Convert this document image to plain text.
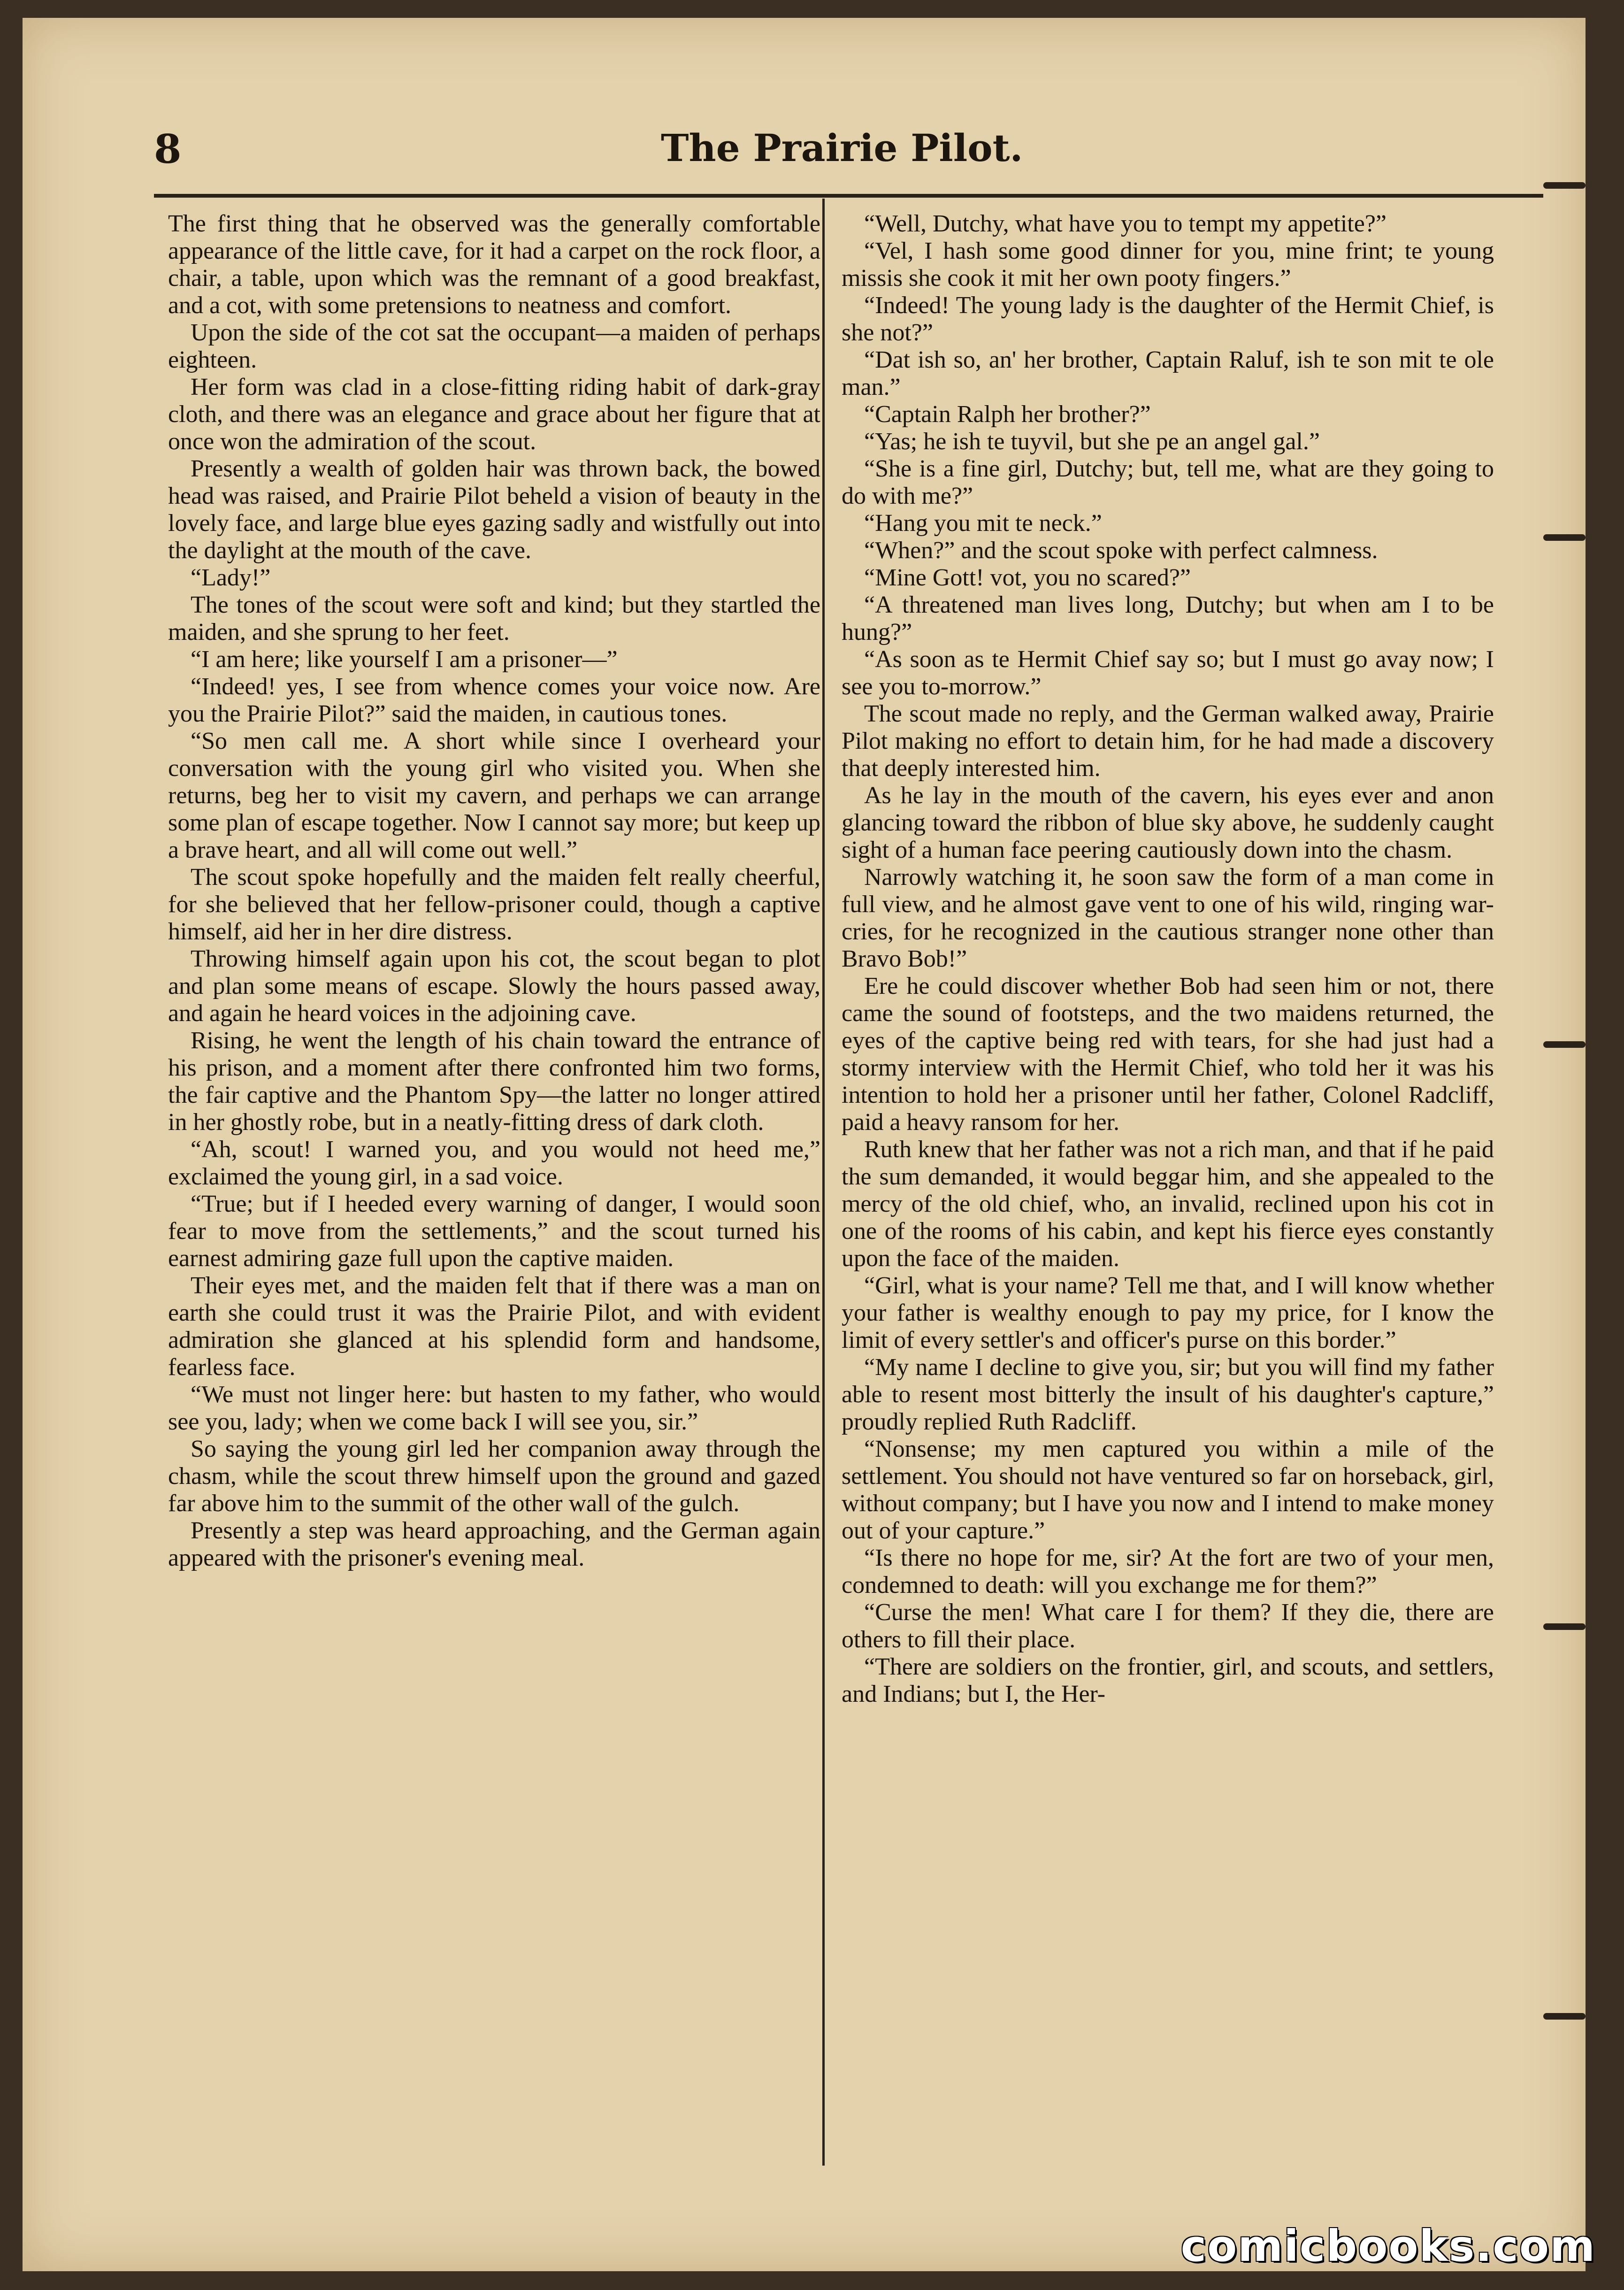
8	The Prairie Pilot.

The first thing that he observed was the generally comfortable appearance of the little cave, for it had a carpet on the rock floor, a chair, a table, upon which was the remnant of a good breakfast, and a cot, with some pretensions to neatness and comfort.

Upon the side of the cot sat the occupant—a maiden of perhaps eighteen.

Her form was clad in a close-fitting riding habit of dark-gray cloth, and there was an elegance and grace about her figure that at once won the admiration of the scout.

Presently a wealth of golden hair was thrown back, the bowed head was raised, and Prairie Pilot beheld a vision of beauty in the lovely face, and large blue eyes gazing sadly and wistfully out into the daylight at the mouth of the cave.

“Lady!”

The tones of the scout were soft and kind; but they startled the maiden, and she sprung to her feet.

“I am here; like yourself I am a prisoner—”

“Indeed! yes, I see from whence comes your voice now. Are you the Prairie Pilot?” said the maiden, in cautious tones.

“So men call me. A short while since I overheard your conversation with the young girl who visited you. When she returns, beg her to visit my cavern, and perhaps we can arrange some plan of escape together. Now I cannot say more; but keep up a brave heart, and all will come out well.”

The scout spoke hopefully and the maiden felt really cheerful, for she believed that her fellow-prisoner could, though a captive himself, aid her in her dire distress.

Throwing himself again upon his cot, the scout began to plot and plan some means of escape. Slowly the hours passed away, and again he heard voices in the adjoining cave.

Rising, he went the length of his chain toward the entrance of his prison, and a moment after there confronted him two forms, the fair captive and the Phantom Spy—the latter no longer attired in her ghostly robe, but in a neatly-fitting dress of dark cloth.

“Ah, scout! I warned you, and you would not heed me,” exclaimed the young girl, in a sad voice.

“True; but if I heeded every warning of danger, I would soon fear to move from the settlements,” and the scout turned his earnest admiring gaze full upon the captive maiden.

Their eyes met, and the maiden felt that if there was a man on earth she could trust it was the Prairie Pilot, and with evident admiration she glanced at his splendid form and handsome, fearless face.

“We must not linger here: but hasten to my father, who would see you, lady; when we come back I will see you, sir.”

So saying the young girl led her companion away through the chasm, while the scout threw himself upon the ground and gazed far above him to the summit of the other wall of the gulch.

Presently a step was heard approaching, and the German again appeared with the prisoner's evening meal.

“Well, Dutchy, what have you to tempt my appetite?”

“Vel, I hash some good dinner for you, mine frint; te young missis she cook it mit her own pooty fingers.”

“Indeed! The young lady is the daughter of the Hermit Chief, is she not?”

“Dat ish so, an' her brother, Captain Raluf, ish te son mit te ole man.”

“Captain Ralph her brother?”

“Yas; he ish te tuyvil, but she pe an angel gal.”

“She is a fine girl, Dutchy; but, tell me, what are they going to do with me?”

“Hang you mit te neck.”

“When?” and the scout spoke with perfect calmness.

“Mine Gott! vot, you no scared?”

“A threatened man lives long, Dutchy; but when am I to be hung?”

“As soon as te Hermit Chief say so; but I must go avay now; I see you to-morrow.”

The scout made no reply, and the German walked away, Prairie Pilot making no effort to detain him, for he had made a discovery that deeply interested him.

As he lay in the mouth of the cavern, his eyes ever and anon glancing toward the ribbon of blue sky above, he suddenly caught sight of a human face peering cautiously down into the chasm.

Narrowly watching it, he soon saw the form of a man come in full view, and he almost gave vent to one of his wild, ringing war-cries, for he recognized in the cautious stranger none other than Bravo Bob!”

Ere he could discover whether Bob had seen him or not, there came the sound of footsteps, and the two maidens returned, the eyes of the captive being red with tears, for she had just had a stormy interview with the Hermit Chief, who told her it was his intention to hold her a prisoner until her father, Colonel Radcliff, paid a heavy ransom for her.

Ruth knew that her father was not a rich man, and that if he paid the sum demanded, it would beggar him, and she appealed to the mercy of the old chief, who, an invalid, reclined upon his cot in one of the rooms of his cabin, and kept his fierce eyes constantly upon the face of the maiden.

“Girl, what is your name? Tell me that, and I will know whether your father is wealthy enough to pay my price, for I know the limit of every settler's and officer's purse on this border.”

“My name I decline to give you, sir; but you will find my father able to resent most bitterly the insult of his daughter's capture,” proudly replied Ruth Radcliff.

“Nonsense; my men captured you within a mile of the settlement. You should not have ventured so far on horseback, girl, without company; but I have you now and I intend to make money out of your capture.”

“Is there no hope for me, sir? At the fort are two of your men, condemned to death: will you exchange me for them?”

“Curse the men! What care I for them? If they die, there are others to fill their place.

“There are soldiers on the frontier, girl, and scouts, and settlers, and Indians; but I, the Her-

comicbooks.com
